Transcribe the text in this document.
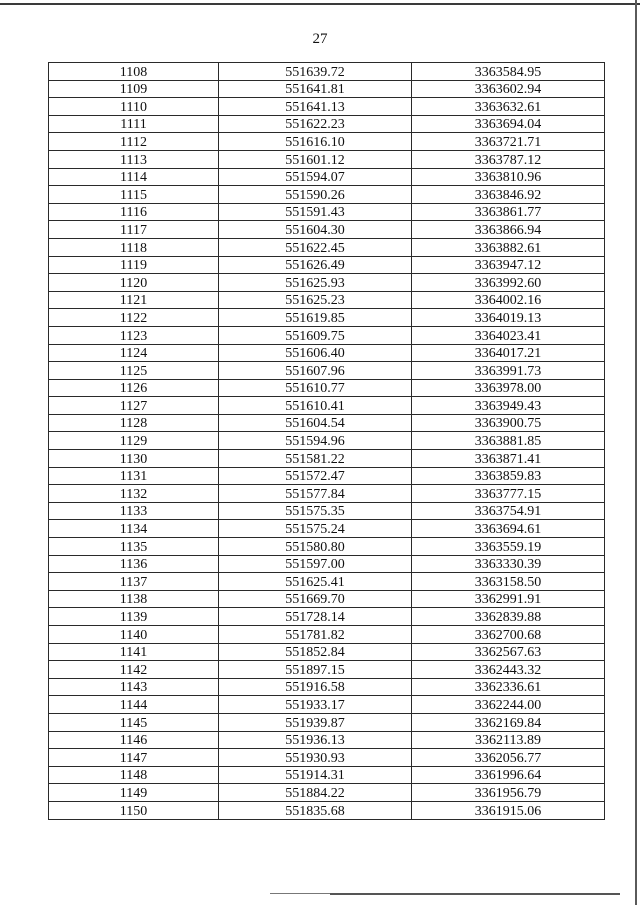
27
1108	551639.72	3363584.95
1109	551641.81	3363602.94
1110	551641.13	3363632.61
1111	551622.23	3363694.04
1112	551616.10	3363721.71
1113	551601.12	3363787.12
1114	551594.07	3363810.96
1115	551590.26	3363846.92
1116	551591.43	3363861.77
1117	551604.30	3363866.94
1118	551622.45	3363882.61
1119	551626.49	3363947.12
1120	551625.93	3363992.60
1121	551625.23	3364002.16
1122	551619.85	3364019.13
1123	551609.75	3364023.41
1124	551606.40	3364017.21
1125	551607.96	3363991.73
1126	551610.77	3363978.00
1127	551610.41	3363949.43
1128	551604.54	3363900.75
1129	551594.96	3363881.85
1130	551581.22	3363871.41
1131	551572.47	3363859.83
1132	551577.84	3363777.15
1133	551575.35	3363754.91
1134	551575.24	3363694.61
1135	551580.80	3363559.19
1136	551597.00	3363330.39
1137	551625.41	3363158.50
1138	551669.70	3362991.91
1139	551728.14	3362839.88
1140	551781.82	3362700.68
1141	551852.84	3362567.63
1142	551897.15	3362443.32
1143	551916.58	3362336.61
1144	551933.17	3362244.00
1145	551939.87	3362169.84
1146	551936.13	3362113.89
1147	551930.93	3362056.77
1148	551914.31	3361996.64
1149	551884.22	3361956.79
1150	551835.68	3361915.06
